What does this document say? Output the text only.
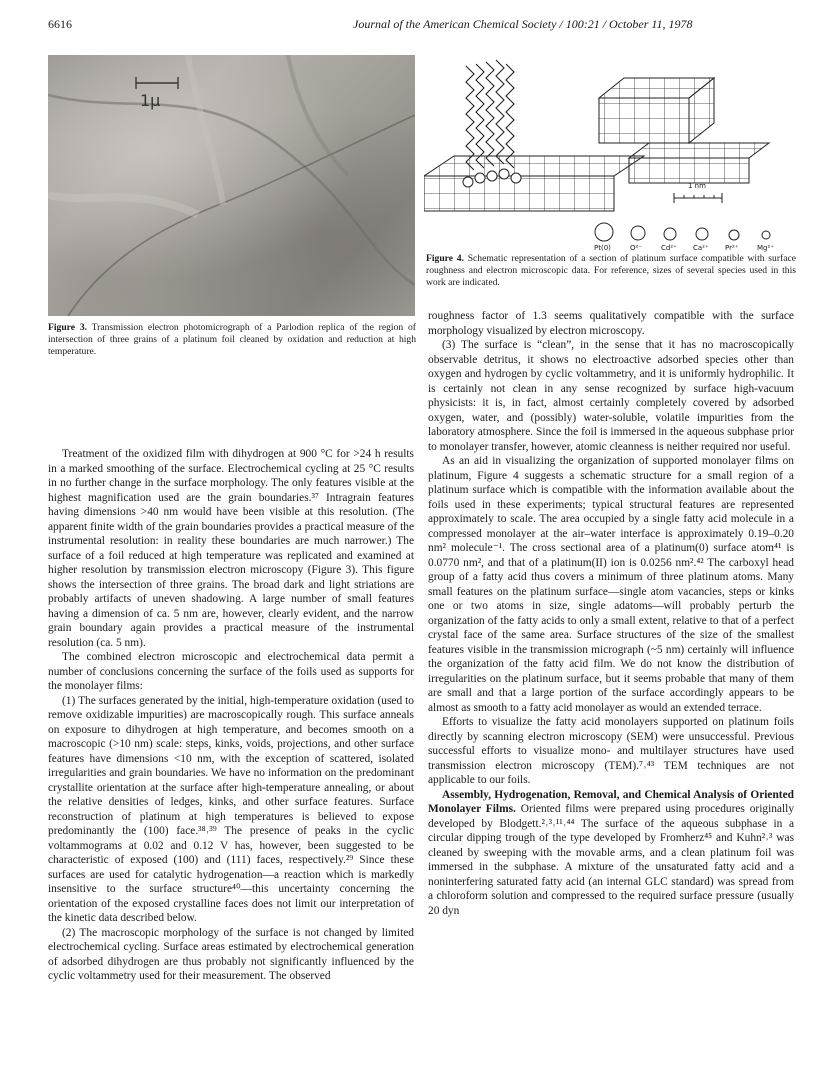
6616	Journal of the American Chemical Society / 100:21 / October 11, 1978
1μ
Figure 3. Transmission electron photomicrograph of a Parlodion replica of the region of intersection of three grains of a platinum foil cleaned by oxidation and reduction at high temperature.
1 nm
Pt(0)	O²⁻	Cd²⁺ Ca²⁺ Pr²⁺	Mg²⁺
Figure 4. Schematic representation of a section of platinum surface compatible with surface roughness and electron microscopic data. For reference, sizes of several species used in this work are indicated.

Treatment of the oxidized film with dihydrogen at 900 °C for >24 h results in a marked smoothing of the surface. Electrochemical cycling at 25 °C results in no further change in the surface morphology. The only features visible at the highest magnification used are the grain boundaries.³⁷ Intragrain features having dimensions >40 nm would have been visible at this resolution. (The apparent finite width of the grain boundaries provides a practical measure of the instrumental resolution: in reality these boundaries are much narrower.) The surface of a foil reduced at high temperature was replicated and examined at higher resolution by transmission electron microscopy (Figure 3). This figure shows the intersection of three grains. The broad dark and light striations are probably artifacts of uneven shadowing. A large number of small features having a dimension of ca. 5 nm are, however, clearly evident, and the narrow grain boundary again provides a practical measure of the instrumental resolution (ca. 5 nm).

The combined electron microscopic and electrochemical data permit a number of conclusions concerning the surface of the foils used as supports for the monolayer films:

(1) The surfaces generated by the initial, high-temperature oxidation (used to remove oxidizable impurities) are macroscopically rough. This surface anneals on exposure to dihydrogen at high temperature, and becomes smooth on a macroscopic (>10 nm) scale: steps, kinks, voids, projections, and other surface features have dimensions <10 nm, with the exception of scattered, isolated irregularities and grain boundaries. We have no information on the predominant crystallite orientation at the surface after high-temperature annealing, or about the relative densities of ledges, kinks, and other surface features. Surface reconstruction of platinum at high temperatures is believed to expose predominantly the (100) face.³⁸˒³⁹ The presence of peaks in the cyclic voltammograms at 0.02 and 0.12 V has, however, been suggested to be characteristic of exposed (100) and (111) faces, respectively.²⁹ Since these surfaces are used for catalytic hydrogenation—a reaction which is markedly insensitive to the surface structure⁴⁰—this uncertainty concerning the orientation of the exposed crystalline faces does not limit our interpretation of the kinetic data described below.

(2) The macroscopic morphology of the surface is not changed by limited electrochemical cycling. Surface areas estimated by electrochemical generation of adsorbed dihydrogen are thus probably not significantly influenced by the cyclic voltammetry used for their measurement. The observed

roughness factor of 1.3 seems qualitatively compatible with the surface morphology visualized by electron microscopy.

(3) The surface is “clean”, in the sense that it has no macroscopically observable detritus, it shows no electroactive adsorbed species other than oxygen and hydrogen by cyclic voltammetry, and it is uniformly hydrophilic. It is certainly not clean in any sense recognized by surface high-vacuum physicists: it is, in fact, almost certainly completely covered by adsorbed oxygen, water, and (possibly) water-soluble, volatile impurities from the laboratory atmosphere. Since the foil is immersed in the aqueous subphase prior to monolayer transfer, however, atomic cleanness is neither required nor useful.

As an aid in visualizing the organization of supported monolayer films on platinum, Figure 4 suggests a schematic structure for a small region of a platinum surface which is compatible with the information available about the foils used in these experiments; typical structural features are represented approximately to scale. The area occupied by a single fatty acid molecule in a compressed monolayer at the air–water interface is approximately 0.19–0.20 nm² molecule⁻¹. The cross sectional area of a platinum(0) surface atom⁴¹ is 0.0770 nm², and that of a platinum(II) ion is 0.0256 nm².⁴² The carboxyl head group of a fatty acid thus covers a minimum of three platinum atoms. Many small features on the platinum surface—single atom vacancies, steps or kinks one or two atoms in size, single adatoms—will probably perturb the organization of the fatty acids to only a small extent, relative to that of a perfect crystal face of the same area. Surface structures of the size of the smallest features visible in the transmission micrograph (~5 nm) certainly will influence the organization of the fatty acid film. We do not know the distribution of irregularities on the platinum surface, but it seems probable that many of them are small and that a large portion of the surface accordingly appears to be almost as smooth to a fatty acid monolayer as would an extended terrace.

Efforts to visualize the fatty acid monolayers supported on platinum foils directly by scanning electron microscopy (SEM) were unsuccessful. Previous successful efforts to visualize mono- and multilayer structures have used transmission electron microscopy (TEM).⁷˒⁴³ TEM techniques are not applicable to our foils.

Assembly, Hydrogenation, Removal, and Chemical Analysis of Oriented Monolayer Films. Oriented films were prepared using procedures originally developed by Blodgett.²˒³˒¹¹˒⁴⁴ The surface of the aqueous subphase in a circular dipping trough of the type developed by Fromherz⁴⁵ and Kuhn²˒³ was cleaned by sweeping with the movable arms, and a clean platinum foil was immersed in the subphase. A mixture of the unsaturated fatty acid and a noninterfering saturated fatty acid (an internal GLC standard) was spread from a chloroform solution and compressed to the required surface pressure (usually 20 dyn
